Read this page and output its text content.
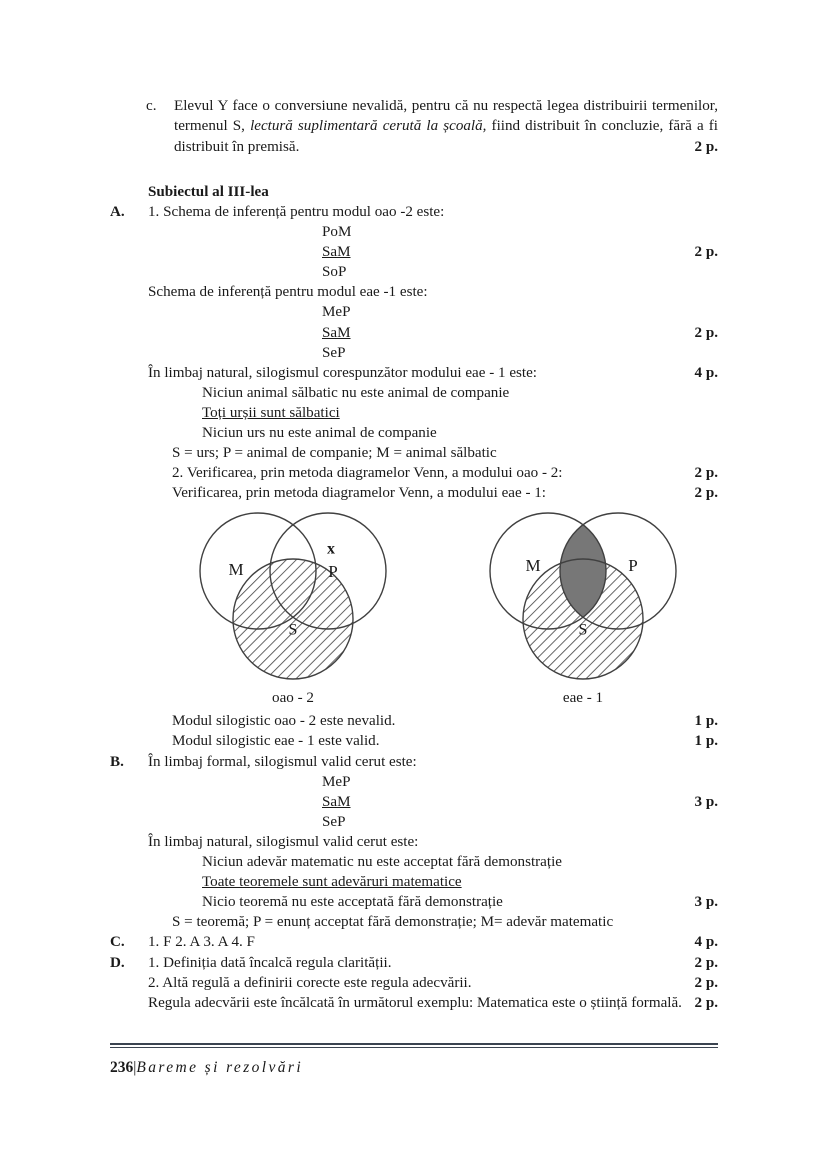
c. Elevul Y face o conversiune nevalidă, pentru că nu respectă legea distribuirii termenilor, termenul S, lectură suplimentară cerută la școală, fiind distribuit în concluzie, fără a fi distribuit în premisă.	2 p.
Subiectul al III-lea
A. 1. Schema de inferență pentru modul oao -2 este:
PoM
SaM	2 p.
SoP
Schema de inferență pentru modul eae -1 este:
MeP
SaM	2 p.
SeP
În limbaj natural, silogismul corespunzător modului eae - 1 este:	4 p.
Niciun animal sălbatic nu este animal de companie
Toți urșii sunt sălbatici
Niciun urs nu este animal de companie
S = urs; P = animal de companie; M = animal sălbatic
2. Verificarea, prin metoda diagramelor Venn, a modului oao - 2:	2 p.
Verificarea, prin metoda diagramelor Venn, a modului eae - 1:	2 p.
M	P
x
S
oao - 2
M	P
S
eae - 1
Modul silogistic oao - 2 este nevalid.	1 p.
Modul silogistic eae - 1 este valid.	1 p.
B. În limbaj formal, silogismul valid cerut este:
MeP
SaM	3 p.
SeP
În limbaj natural, silogismul valid cerut este:
Niciun adevăr matematic nu este acceptat fără demonstrație
Toate teoremele sunt adevăruri matematice
Nicio teoremă nu este acceptată fără demonstrație	3 p.
S = teoremă; P = enunț acceptat fără demonstrație; M= adevăr matematic
C. 1. F 2. A 3. A 4. F	4 p.
D. 1. Definiția dată încalcă regula clarității.	2 p.
2. Altă regulă a definirii corecte este regula adecvării.	2 p.
Regula adecvării este încălcată în următorul exemplu: Matematica este o știință formală. 2 p.
236|Bareme și rezolvări
